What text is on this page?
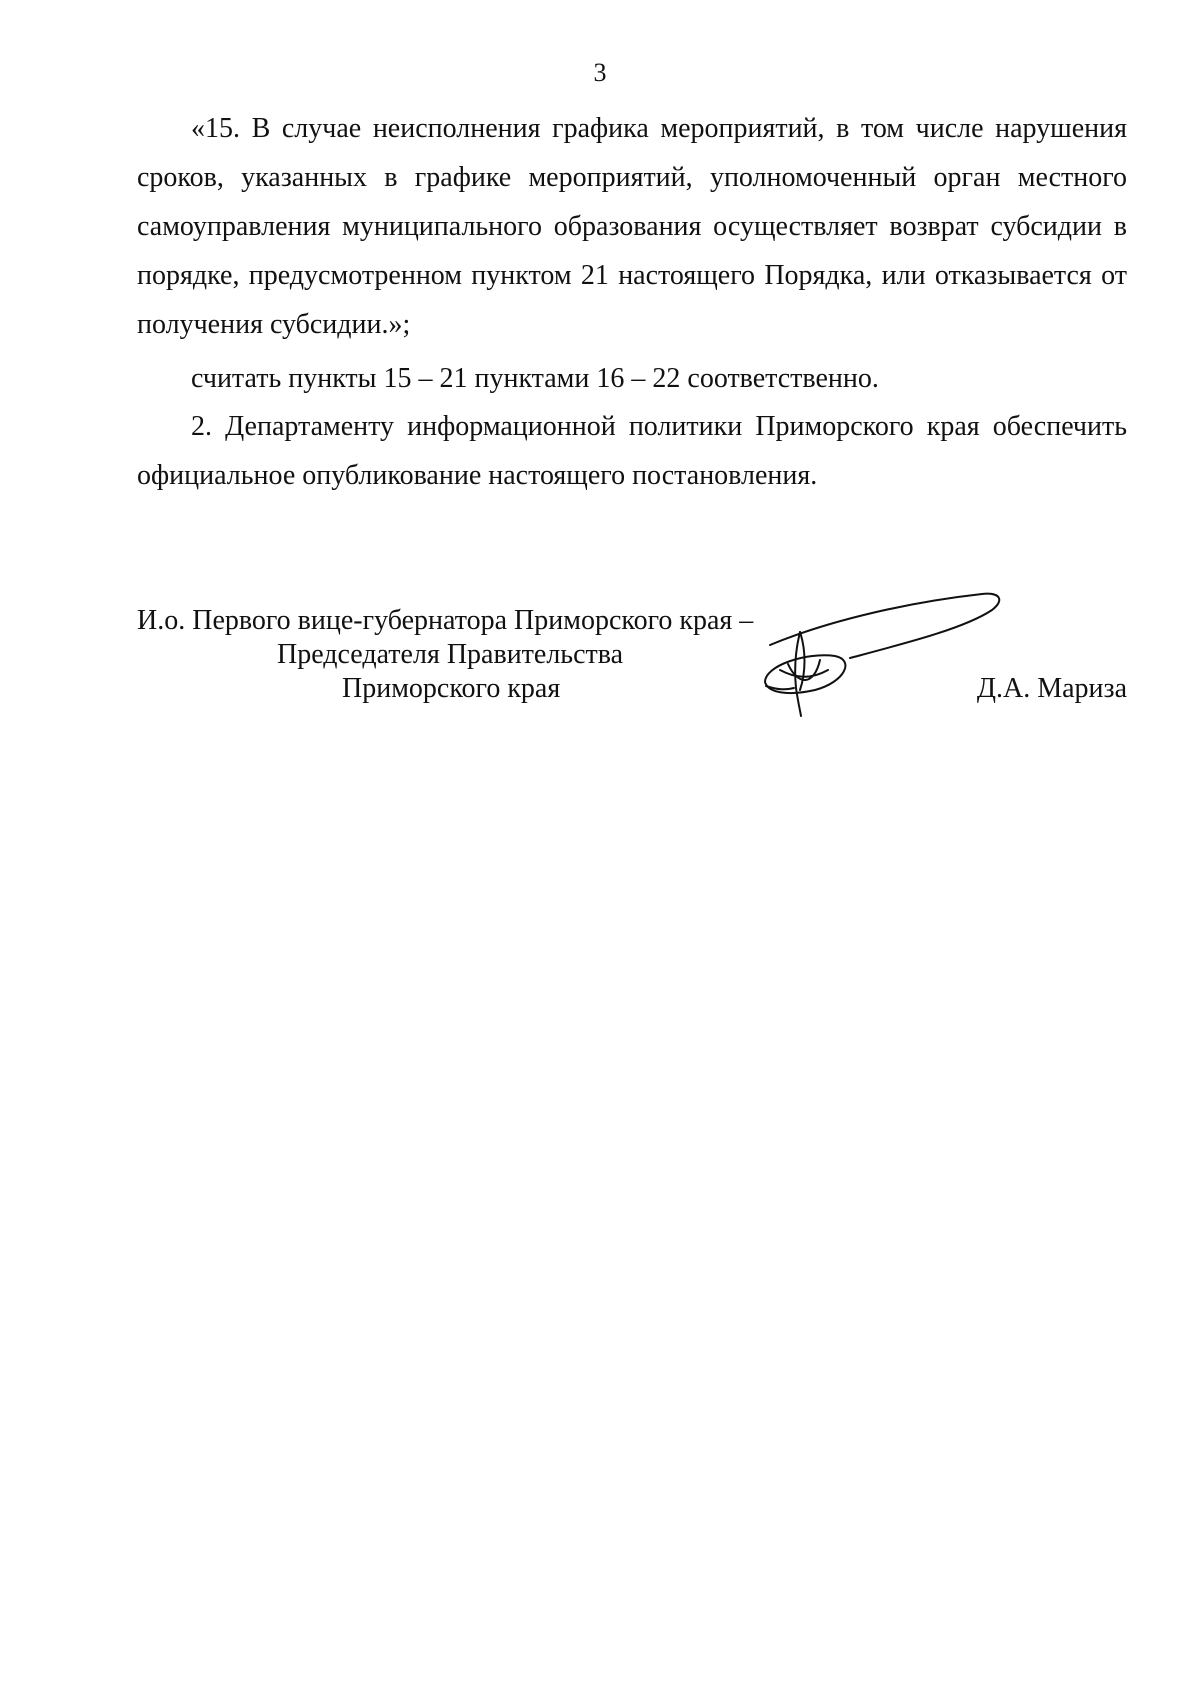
3

«15. В случае неисполнения графика мероприятий, в том числе нарушения сроков, указанных в графике мероприятий, уполномоченный орган местного самоуправления муниципального образования осуществляет возврат субсидии в порядке, предусмотренном пунктом 21 настоящего Порядка, или отказывается от получения субсидии.»;

считать пункты 15 – 21 пунктами 16 – 22 соответственно.

2. Департаменту информационной политики Приморского края обеспечить официальное опубликование настоящего постановления.

И.о. Первого вице-губернатора Приморского края –
Председателя Правительства
Приморского края	Д.А. Мариза
